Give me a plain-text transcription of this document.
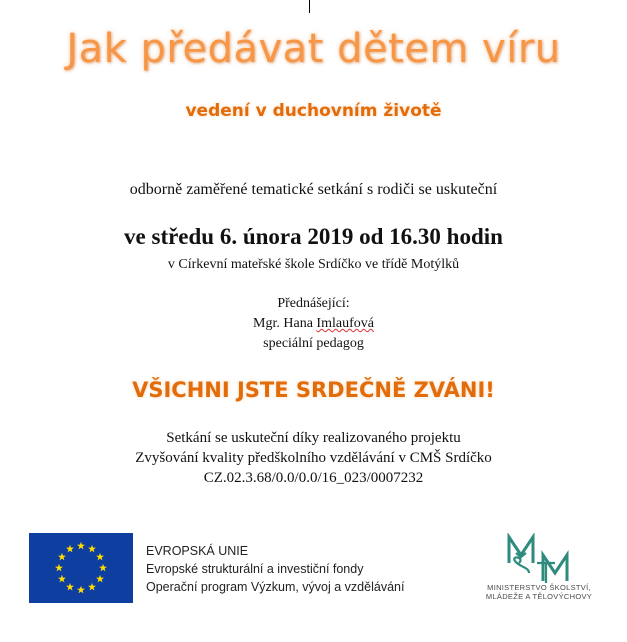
Jak předávat dětem víru
vedení v duchovním životě
odborně zaměřené tematické setkání s rodiči se uskuteční
ve středu 6. února 2019 od 16.30 hodin
v Církevní mateřské škole Srdíčko ve třídě Motýlků
Přednášející:
Mgr. Hana Imlaufová
speciální pedagog
VŠICHNI JSTE SRDEČNĚ ZVÁNI!
Setkání se uskuteční díky realizovaného projektu
Zvyšování kvality předškolního vzdělávání v CMŠ Srdíčko
CZ.02.3.68/0.0/0.0/16_023/0007232
EVROPSKÁ UNIE
Evropské strukturální a investiční fondy
Operační program Výzkum, vývoj a vzdělávání	MINISTERSTVO ŠKOLSTVÍ,
MLÁDEŽE A TĚLOVÝCHOVY
